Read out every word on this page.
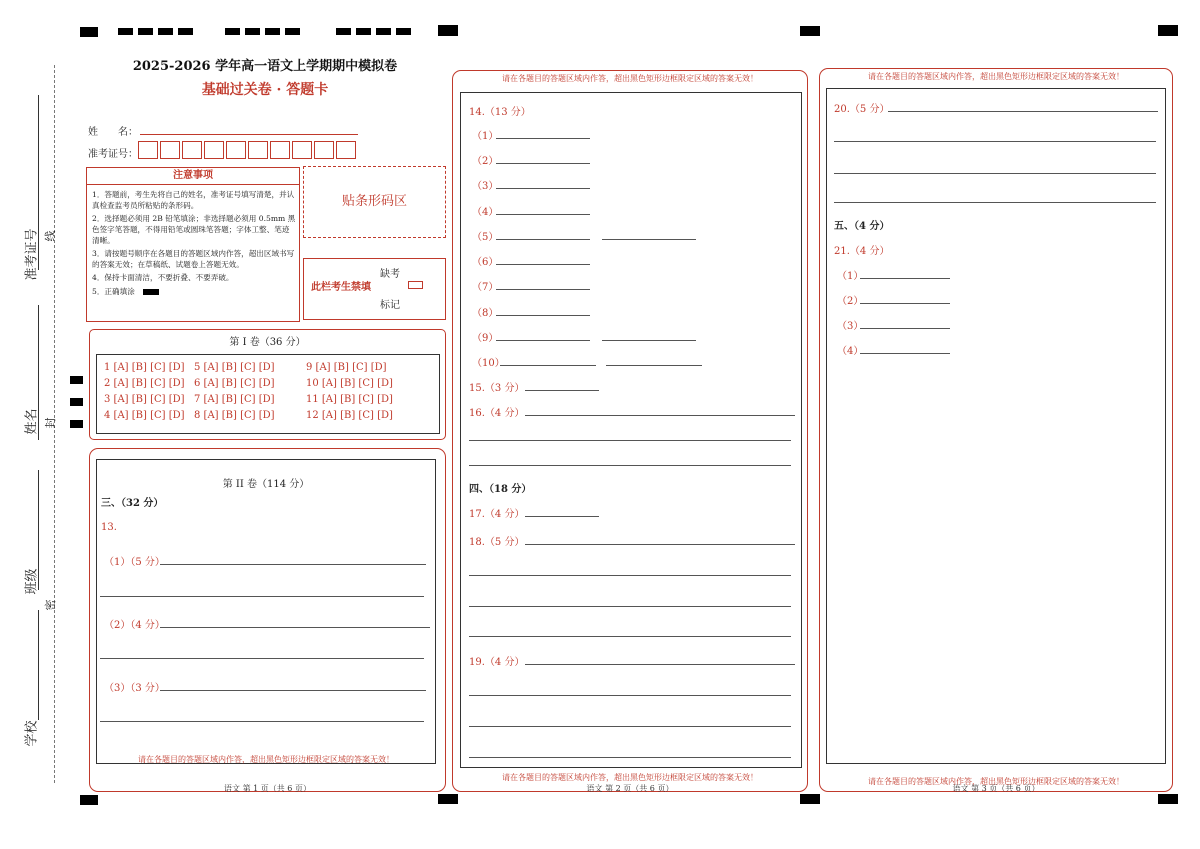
准考证号
姓名
班级
学校
线
封
密
2025-2026 学年高一语文上学期期中模拟卷
基础过关卷 · 答题卡
姓　　名：
准考证号：
注意事项
1．答题前，考生先将自己的姓名，准考证号填写清楚，并认真检查监考员所粘贴的条形码。
2．选择题必须用 2B 铅笔填涂；非选择题必须用 0.5mm 黑色签字笔答题，不得用铅笔或圆珠笔答题；字体工整、笔迹清晰。
3．请按题号顺序在各题目的答题区域内作答，超出区域书写的答案无效；在草稿纸、试题卷上答题无效。
4．保持卡面清洁，不要折叠、不要弄破。
5．正确填涂
贴条形码区
此栏考生禁填
缺考
标记
第 I 卷（36 分）
1 [A] [B] [C] [D]
2 [A] [B] [C] [D]
3 [A] [B] [C] [D]
4 [A] [B] [C] [D]
5 [A] [B] [C] [D]
6 [A] [B] [C] [D]
7 [A] [B] [C] [D]
8 [A] [B] [C] [D]
9 [A] [B] [C] [D]
10 [A] [B] [C] [D]
11 [A] [B] [C] [D]
12 [A] [B] [C] [D]
第 II 卷（114 分）
三、（32 分）
13.
（1）（5 分）
（2）（4 分）
（3）（3 分）
请在各题目的答题区域内作答，超出黑色矩形边框限定区域的答案无效！
语文 第 1 页（共 6 页）
请在各题目的答题区域内作答，超出黑色矩形边框限定区域的答案无效！
14.（13 分）
（1）
（2）
（3）
（4）
（5）
（6）
（7）
（8）
（9）
（10）
15.（3 分）
16.（4 分）
四、（18 分）
17.（4 分）
18.（5 分）
19.（4 分）
请在各题目的答题区域内作答，超出黑色矩形边框限定区域的答案无效！
语文 第 2 页（共 6 页）
请在各题目的答题区域内作答，超出黑色矩形边框限定区域的答案无效！
20.（5 分）
五、（4 分）
21.（4 分）
（1）
（2）
（3）
（4）
请在各题目的答题区域内作答，超出黑色矩形边框限定区域的答案无效！
语文 第 3 页（共 6 页）
